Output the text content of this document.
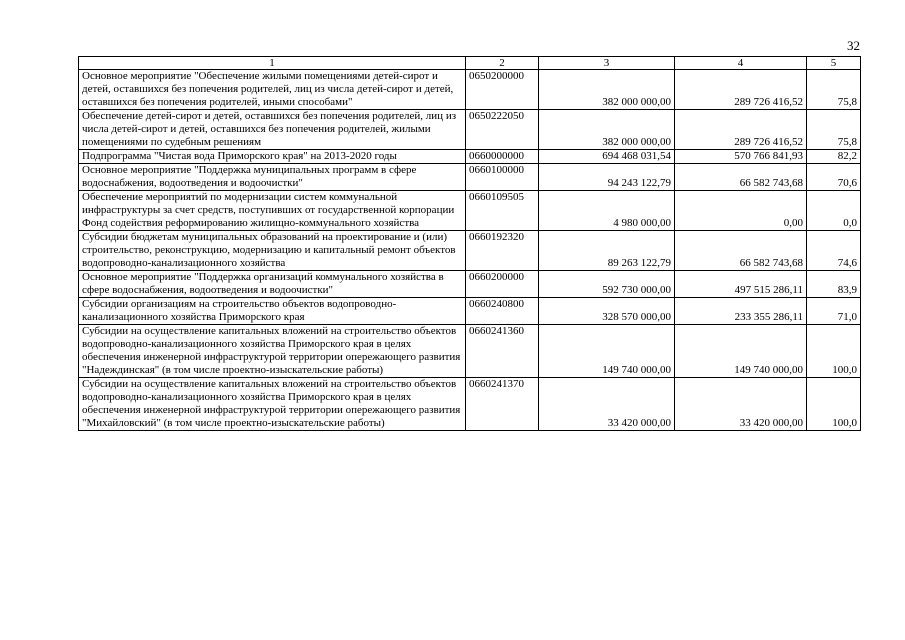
32
1	2	3	4	5
Основное мероприятие "Обеспечение жилыми помещениями детей-сирот и детей, оставшихся без попечения родителей, лиц из числа детей-сирот и детей, оставшихся без попечения родителей, иными способами"	0650200000	382 000 000,00	289 726 416,52	75,8
Обеспечение детей-сирот и детей, оставшихся без попечения родителей, лиц из числа детей-сирот и детей, оставшихся без попечения родителей, жилыми помещениями по судебным решениям	0650222050	382 000 000,00	289 726 416,52	75,8
Подпрограмма "Чистая вода Приморского края" на 2013-2020 годы	0660000000	694 468 031,54	570 766 841,93	82,2
Основное мероприятие "Поддержка муниципальных программ в сфере водоснабжения, водоотведения и водоочистки"	0660100000	94 243 122,79	66 582 743,68	70,6
Обеспечение мероприятий по модернизации систем коммунальной инфраструктуры за счет средств, поступивших от государственной корпорации Фонд содействия реформированию жилищно-коммунального хозяйства	0660109505	4 980 000,00	0,00	0,0
Субсидии бюджетам муниципальных образований на проектирование и (или) строительство, реконструкцию, модернизацию и капитальный ремонт объектов водопроводно-канализационного хозяйства	0660192320	89 263 122,79	66 582 743,68	74,6
Основное мероприятие "Поддержка организаций коммунального хозяйства в сфере водоснабжения, водоотведения и водоочистки"	0660200000	592 730 000,00	497 515 286,11	83,9
Субсидии организациям на строительство объектов водопроводно-канализационного хозяйства Приморского края	0660240800	328 570 000,00	233 355 286,11	71,0
Субсидии на осуществление капитальных вложений на строительство объектов водопроводно-канализационного хозяйства Приморского края в целях обеспечения инженерной инфраструктурой территории опережающего развития "Надеждинская" (в том числе проектно-изыскательские работы)	0660241360	149 740 000,00	149 740 000,00	100,0
Субсидии на осуществление капитальных вложений на строительство объектов водопроводно-канализационного хозяйства Приморского края в целях обеспечения инженерной инфраструктурой территории опережающего развития "Михайловский" (в том числе проектно-изыскательские работы)	0660241370	33 420 000,00	33 420 000,00	100,0
